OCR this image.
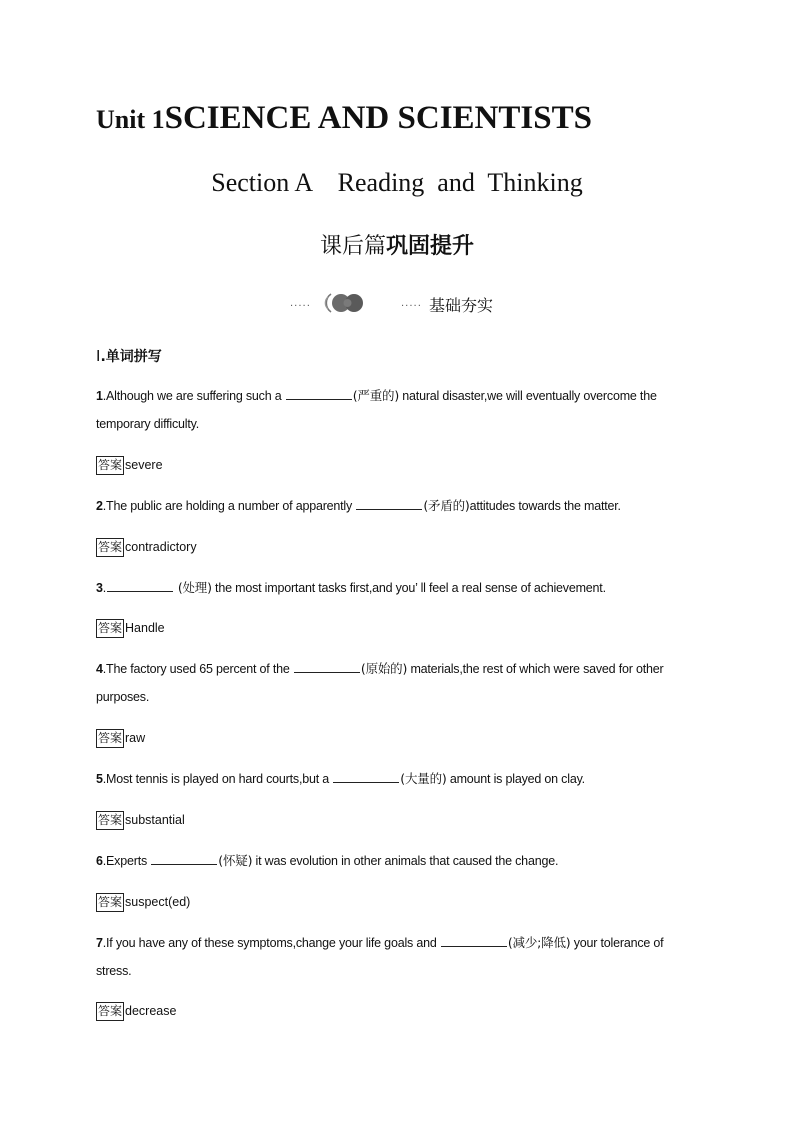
Unit 1SCIENCE AND SCIENTISTS
Section A    Reading  and  Thinking
课后篇巩固提升
·····	····· 基础夯实
Ⅰ.单词拼写
1.Although we are suffering such a	(严重的) natural disaster,we will eventually overcome the temporary difficulty.
答案 severe
2.The public are holding a number of apparently	(矛盾的)attitudes towards the matter.
答案 contradictory
3.	(处理) the most important tasks first,and you’ ll feel a real sense of achievement.
答案 Handle
4.The factory used 65 percent of the	(原始的) materials,the rest of which were saved for other purposes.
答案 raw
5.Most tennis is played on hard courts,but a	(大量的) amount is played on clay.
答案 substantial
6.Experts	(怀疑) it was evolution in other animals that caused the change.
答案 suspect(ed)
7.If you have any of these symptoms,change your life goals and	(减少;降低) your tolerance of stress.
答案 decrease
